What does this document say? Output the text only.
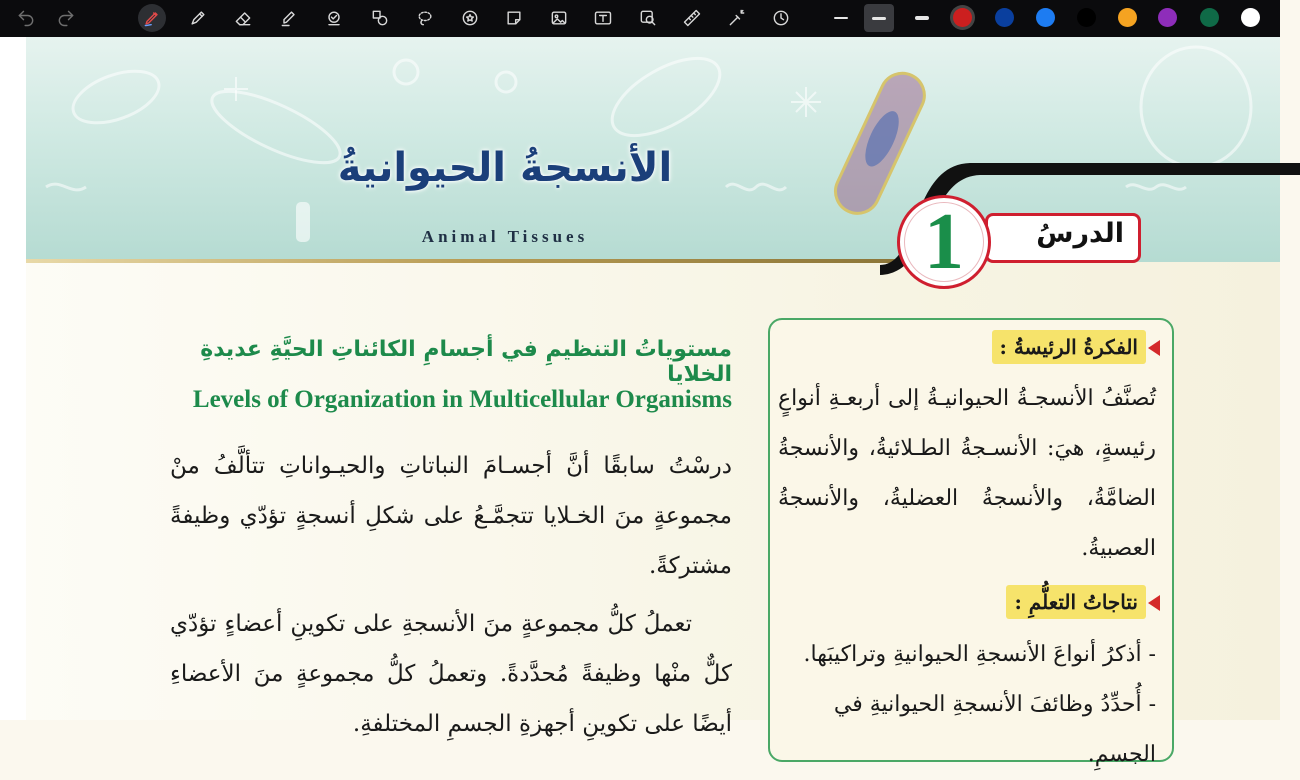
الأنسجةُ الحيوانيةُ
Animal Tissues	الدرسُ
1
مستوياتُ التنظيمِ في أجسامِ الكائناتِ الحيَّةِ عديدةِ الخلايا
Levels of Organization in Multicellular Organisms
درسْتُ سابقًا أنَّ أجسـامَ النباتاتِ والحيـواناتِ تتألَّفُ منْ مجموعةٍ منَ الخـلايا تتجمَّـعُ على شكلِ أنسجةٍ تؤدّي وظيفةً مشتركةً.
تعملُ كلُّ مجموعةٍ منَ الأنسجةِ على تكوينِ أعضاءٍ تؤدّي كلٌّ منْها وظيفةً مُحدَّدةً. وتعملُ كلُّ مجموعةٍ منَ الأعضاءِ أيضًا على تكوينِ أجهزةِ الجسمِ المختلفةِ.
الفكرةُ الرئيسةُ :
تُصنَّفُ الأنسجـةُ الحيوانيـةُ إلى أربعـةِ أنواعٍ رئيسةٍ، هيَ: الأنسـجةُ الطـلائيةُ، والأنسجةُ الضامَّةُ، والأنسجةُ العضليةُ، والأنسجةُ العصبيةُ.
نتاجاتُ التعلُّمِ :
- أذكرُ أنواعَ الأنسجةِ الحيوانيةِ وتراكيبَها.
- أُحدِّدُ وظائفَ الأنسجةِ الحيوانيةِ في الجسمِ.
